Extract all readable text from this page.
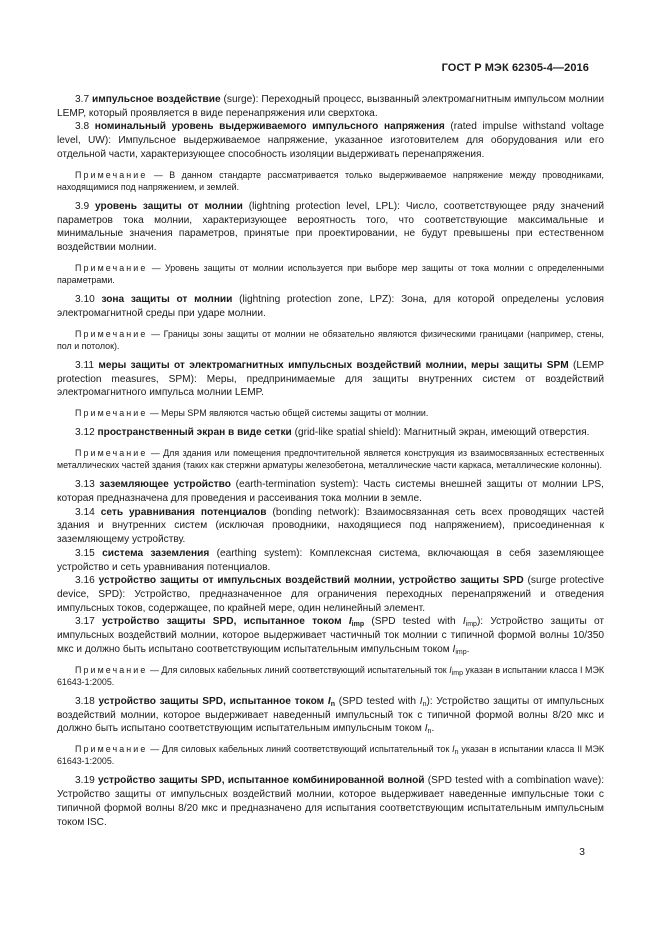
ГОСТ Р МЭК 62305-4—2016

3.7 импульсное воздействие (surge): Переходный процесс, вызванный электромагнитным импульсом молнии LEMP, который проявляется в виде перенапряжения или сверхтока.

3.8 номинальный уровень выдерживаемого импульсного напряжения (rated impulse withstand voltage level, UW): Импульсное выдерживаемое напряжение, указанное изготовителем для оборудования или его отдельной части, характеризующее способность изоляции выдерживать перенапряжения.

Примечание — В данном стандарте рассматривается только выдерживаемое напряжение между проводниками, находящимися под напряжением, и землей.

3.9 уровень защиты от молнии (lightning protection level, LPL): Число, соответствующее ряду значений параметров тока молнии, характеризующее вероятность того, что соответствующие максимальные и минимальные значения параметров, принятые при проектировании, не будут превышены при естественном воздействии молнии.

Примечание — Уровень защиты от молнии используется при выборе мер защиты от тока молнии с определенными параметрами.

3.10 зона защиты от молнии (lightning protection zone, LPZ): Зона, для которой определены условия электромагнитной среды при ударе молнии.

Примечание — Границы зоны защиты от молнии не обязательно являются физическими границами (например, стены, пол и потолок).

3.11 меры защиты от электромагнитных импульсных воздействий молнии, меры защиты SPM (LEMP protection measures, SPM): Меры, предпринимаемые для защиты внутренних систем от воздействий электромагнитного импульса молнии LEMP.

Примечание — Меры SPM являются частью общей системы защиты от молнии.

3.12 пространственный экран в виде сетки (grid-like spatial shield): Магнитный экран, имеющий отверстия.

Примечание — Для здания или помещения предпочтительной является конструкция из взаимосвязанных естественных металлических частей здания (таких как стержни арматуры железобетона, металлические части каркаса, металлические колонны).

3.13 заземляющее устройство (earth-termination system): Часть системы внешней защиты от молнии LPS, которая предназначена для проведения и рассеивания тока молнии в земле.

3.14 сеть уравнивания потенциалов (bonding network): Взаимосвязанная сеть всех проводящих частей здания и внутренних систем (исключая проводники, находящиеся под напряжением), присоединенная к заземляющему устройству.

3.15 система заземления (earthing system): Комплексная система, включающая в себя заземляющее устройство и сеть уравнивания потенциалов.

3.16 устройство защиты от импульсных воздействий молнии, устройство защиты SPD (surge protective device, SPD): Устройство, предназначенное для ограничения переходных перенапряжений и отведения импульсных токов, содержащее, по крайней мере, один нелинейный элемент.

3.17 устройство защиты SPD, испытанное током $I_{imp}$ (SPD tested with $I_{imp}$): Устройство защиты от импульсных воздействий молнии, которое выдерживает частичный ток молнии с типичной формой волны 10/350 мкс и должно быть испытано соответствующим испытательным импульсным током $I_{imp}$.

Примечание — Для силовых кабельных линий соответствующий испытательный ток $I_{imp}$ указан в испытании класса I МЭК 61643-1:2005.

3.18 устройство защиты SPD, испытанное током $I_n$ (SPD tested with $I_n$): Устройство защиты от импульсных воздействий молнии, которое выдерживает наведенный импульсный ток с типичной формой волны 8/20 мкс и должно быть испытано соответствующим испытательным импульсным током $I_n$.

Примечание — Для силовых кабельных линий соответствующий испытательный ток $I_n$ указан в испытании класса II МЭК 61643-1:2005.

3.19 устройство защиты SPD, испытанное комбинированной волной (SPD tested with a combination wave): Устройство защиты от импульсных воздействий молнии, которое выдерживает наведенные импульсные токи с типичной формой волны 8/20 мкс и предназначено для испытания соответствующим испытательным импульсным током ISC.

3
